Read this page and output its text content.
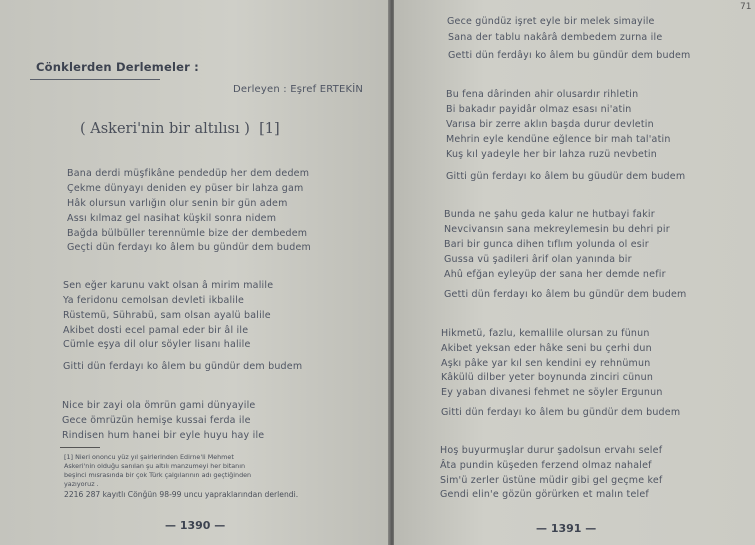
Cönklerden Derlemeler :
Derleyen : Eşref ERTEKİN
( Askeri'nin bir altılısı ) [1]
Bana derdi müşfikâne pendedüp her dem dedem
Çekme dünyayı deniden ey püser bir lahza gam
Hâk olursun varlığın olur senin bir gün adem
Assı kılmaz gel nasihat küşkil sonra nidem
Bağda bülbüller terennümle bize der dembedem
Geçti dün ferdayı ko âlem bu gündür dem budem
Sen eğer karunu vakt olsan â mirim malile
Ya feridonu cemolsan devleti ikbalile
Rüstemü, Sührabü, sam olsan ayalü balile
Akibet dosti ecel pamal eder bir âl ile
Cümle eşya dil olur söyler lisanı halile
Gitti dün ferdayı ko âlem bu gündür dem budem
Nice bir zayi ola ömrün gami dünyayile
Gece ömrüzün hemişe kussai ferda ile
Rindisen hum hanei bir eyle huyu hay ile
[1] Nieri ononcu yüz yıl şairlerinden Edirne'li Mehmet
Askeri'nin olduğu sanılan şu altılı manzumeyi her bitanın
beşinci mısrasında bir çok Türk çalgılarının adı geçtiğinden
yazıyoruz .
2216 287 kayıtlı Cönğün 98-99 uncu yapraklarından derlendi.
— 1390 —
71
Gece gündüz işret eyle bir melek simayile
Sana der tablu nakârâ dembedem zurna ile
Getti dün ferdâyı ko âlem bu gündür dem budem
Bu fena dârinden ahir olusardır rihletin
Bi bakadır payidâr olmaz esası ni'atin
Varısa bir zerre aklın başda durur devletin
Mehrin eyle kendüne eğlence bir mah tal'atin
Kuş kıl yadeyle her bir lahza ruzü nevbetin
Gitti gün ferdayı ko âlem bu güudür dem budem
Bunda ne şahu geda kalur ne hutbayi fakir
Nevcivansın sana mekreylemesin bu dehri pir
Bari bir gunca dihen tıflım yolunda ol esir
Gussa vü şadileri ârif olan yanında bir
Ahû efğan eyleyüp der sana her demde nefir
Getti dün ferdayı ko âlem bu gündür dem budem
Hikmetü, fazlu, kemallile olursan zu fünun
Akibet yeksan eder hâke seni bu çerhi dun
Aşkı pâke yar kıl sen kendini ey rehnümun
Kâkülü dilber yeter boynunda zinciri cünun
Ey yaban divanesi fehmet ne söyler Ergunun
Gitti dün ferdayı ko âlem bu gündür dem budem
Hoş buyurmuşlar durur şadolsun ervahı selef
Âta pundin küşeden ferzend olmaz nahalef
Sim'ü zerler üstüne müdir gibi gel geçme kef
Gendi elin'e gözün görürken et malın telef
— 1391 —
